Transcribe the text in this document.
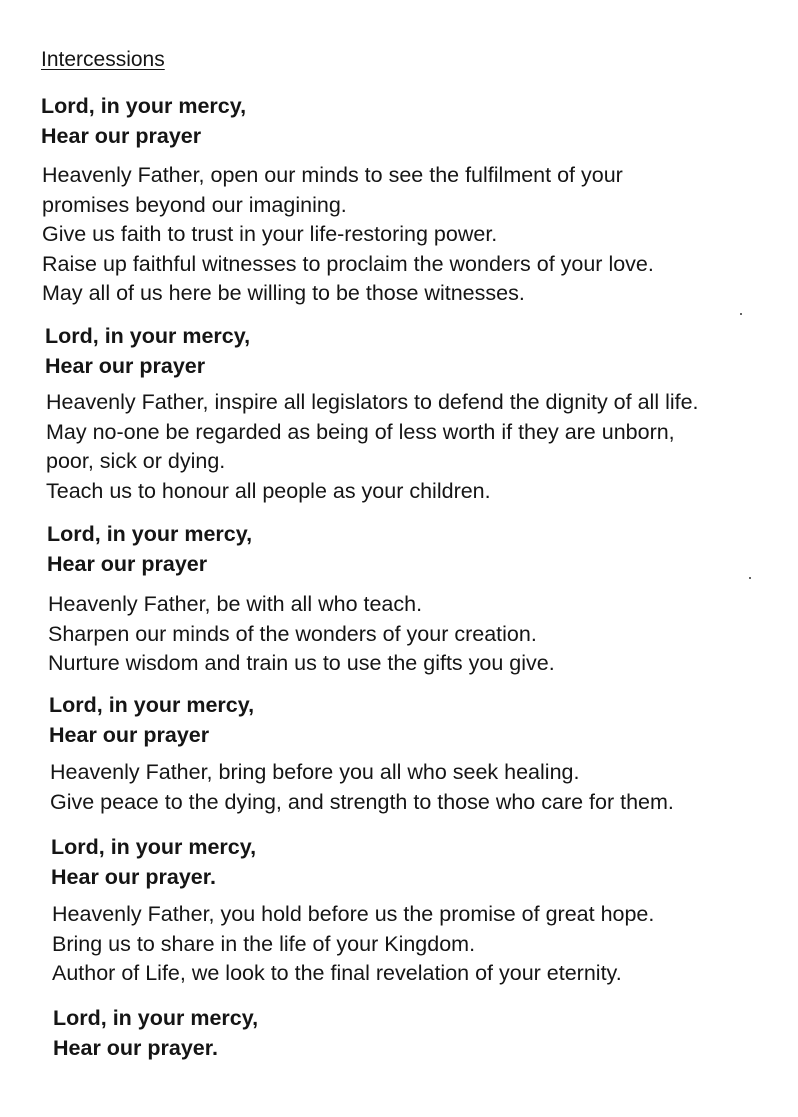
Intercessions
Lord, in your mercy,
Hear our prayer
Heavenly Father, open our minds to see the fulfilment of your
promises beyond our imagining.
Give us faith to trust in your life-restoring power.
Raise up faithful witnesses to proclaim the wonders of your love.
May all of us here be willing to be those witnesses.
Lord, in your mercy,
Hear our prayer
Heavenly Father, inspire all legislators to defend the dignity of all life.
May no-one be regarded as being of less worth if they are unborn,
poor, sick or dying.
Teach us to honour all people as your children.
Lord, in your mercy,
Hear our prayer
Heavenly Father, be with all who teach.
Sharpen our minds of the wonders of your creation.
Nurture wisdom and train us to use the gifts you give.
Lord, in your mercy,
Hear our prayer
Heavenly Father, bring before you all who seek healing.
Give peace to the dying, and strength to those who care for them.
Lord, in your mercy,
Hear our prayer.
Heavenly Father, you hold before us the promise of great hope.
Bring us to share in the life of your Kingdom.
Author of Life, we look to the final revelation of your eternity.
Lord, in your mercy,
Hear our prayer.
